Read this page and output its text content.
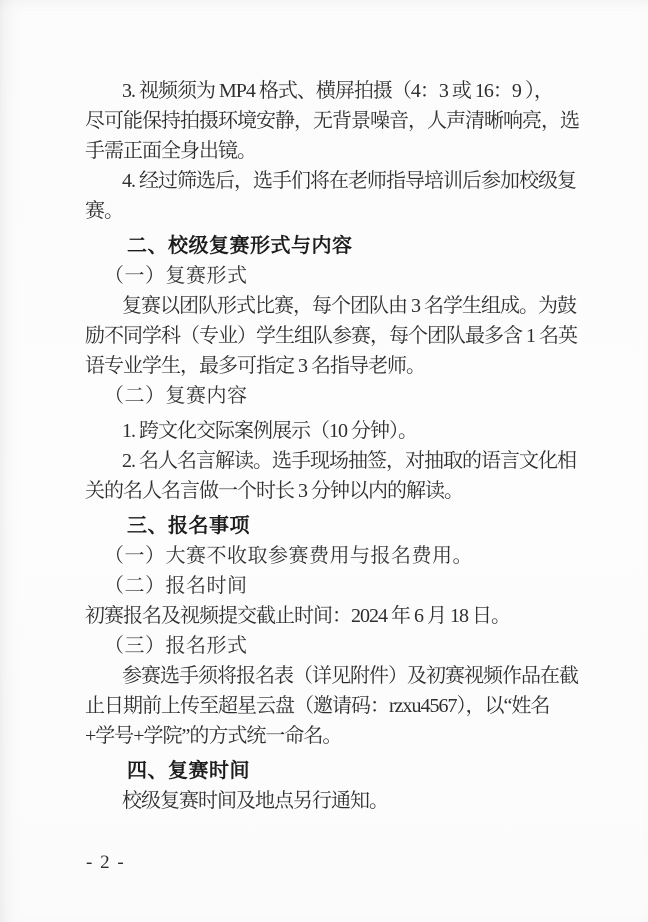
3. 视频须为 MP4 格式、横屏拍摄（4：3 或 16：9 ），
尽可能保持拍摄环境安静，无背景噪音，人声清晰响亮，选
手需正面全身出镜。
4. 经过筛选后，选手们将在老师指导培训后参加校级复
赛。
二、校级复赛形式与内容
（一）复赛形式
复赛以团队形式比赛，每个团队由 3 名学生组成。为鼓
励不同学科（专业）学生组队参赛，每个团队最多含 1 名英
语专业学生，最多可指定 3 名指导老师。
（二）复赛内容
1. 跨文化交际案例展示（10 分钟）。
2. 名人名言解读。选手现场抽签，对抽取的语言文化相
关的名人名言做一个时长 3 分钟以内的解读。
三、报名事项
（一）大赛不收取参赛费用与报名费用。
（二）报名时间
初赛报名及视频提交截止时间：2024 年 6 月 18 日。
（三）报名形式
参赛选手须将报名表（详见附件）及初赛视频作品在截
止日期前上传至超星云盘（邀请码：rzxu4567），以“姓名
+学号+学院”的方式统一命名。
四、复赛时间
校级复赛时间及地点另行通知。
- 2 -
